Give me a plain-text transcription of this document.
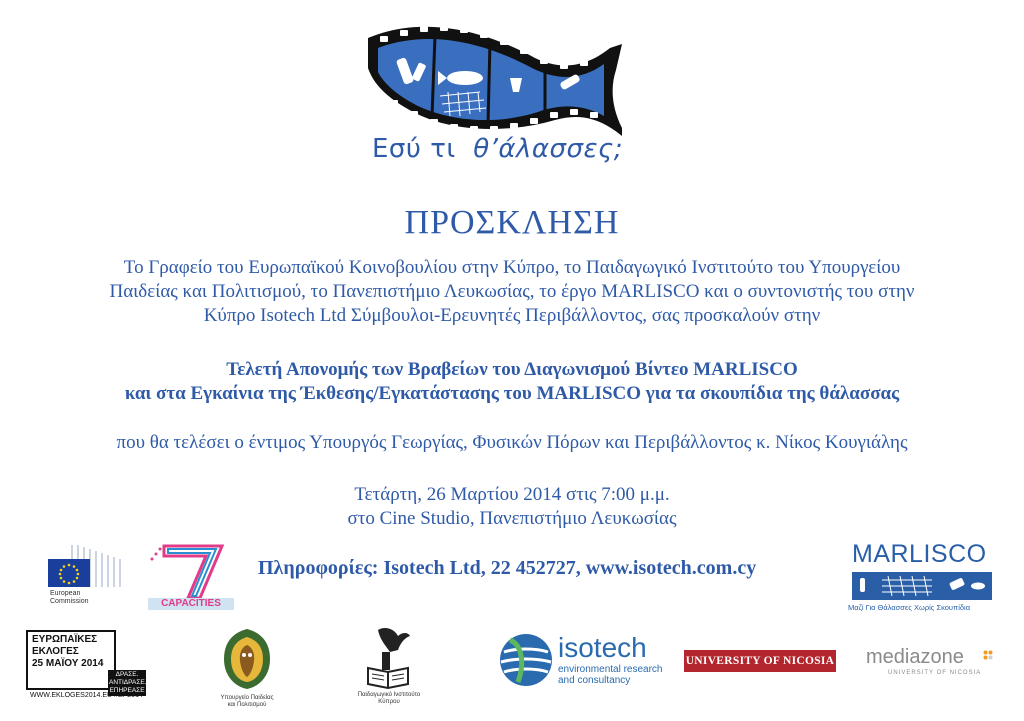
Εσύ τι θ’άλασσες;
ΠΡΟΣΚΛΗΣΗ
Το Γραφείο του Ευρωπαϊκού Κοινοβουλίου στην Κύπρο, το Παιδαγωγικό Ινστιτούτο του Υπουργείου
Παιδείας και Πολιτισμού, το Πανεπιστήμιο Λευκωσίας, το έργο MARLISCO και ο συντονιστής του στην
Κύπρο Isotech Ltd Σύμβουλοι-Ερευνητές Περιβάλλοντος, σας προσκαλούν στην
Τελετή Απονομής των Βραβείων του Διαγωνισμού Βίντεο MARLISCO
και στα Εγκαίνια της Έκθεσης/Εγκατάστασης του MARLISCO για τα σκουπίδια της θάλασσας
που θα τελέσει ο έντιμος Υπουργός Γεωργίας, Φυσικών Πόρων και Περιβάλλοντος κ. Νίκος Κουγιάλης
Τετάρτη, 26 Μαρτίου 2014 στις 7:00 μ.μ.
στο Cine Studio, Πανεπιστήμιο Λευκωσίας
Πληροφορίες: Isotech Ltd, 22 452727, www.isotech.com.cy
European
Commission	CAPACITIES
MARLISCO
Μαζί Για Θάλασσες Χωρίς Σκουπίδια
ΕΥΡΩΠΑΪΚΕΣ
ΕΚΛΟΓΕΣ
25 ΜΑΪΟΥ 2014
ΔΡΑΣΕ. ΑΝΤΙΔΡΑΣΕ. ΕΠΗΡΕΑΣΕ
WWW.EKLOGES2014.EU #EP2014	Υπουργείο Παιδείας
και Πολιτισμού
Παιδαγωγικό Ινστιτούτο
Κύπρου
isotech
environmental research
and consultancy
UNIVERSITY OF NICOSIA mediazone
UNIVERSITY OF NICOSIA
